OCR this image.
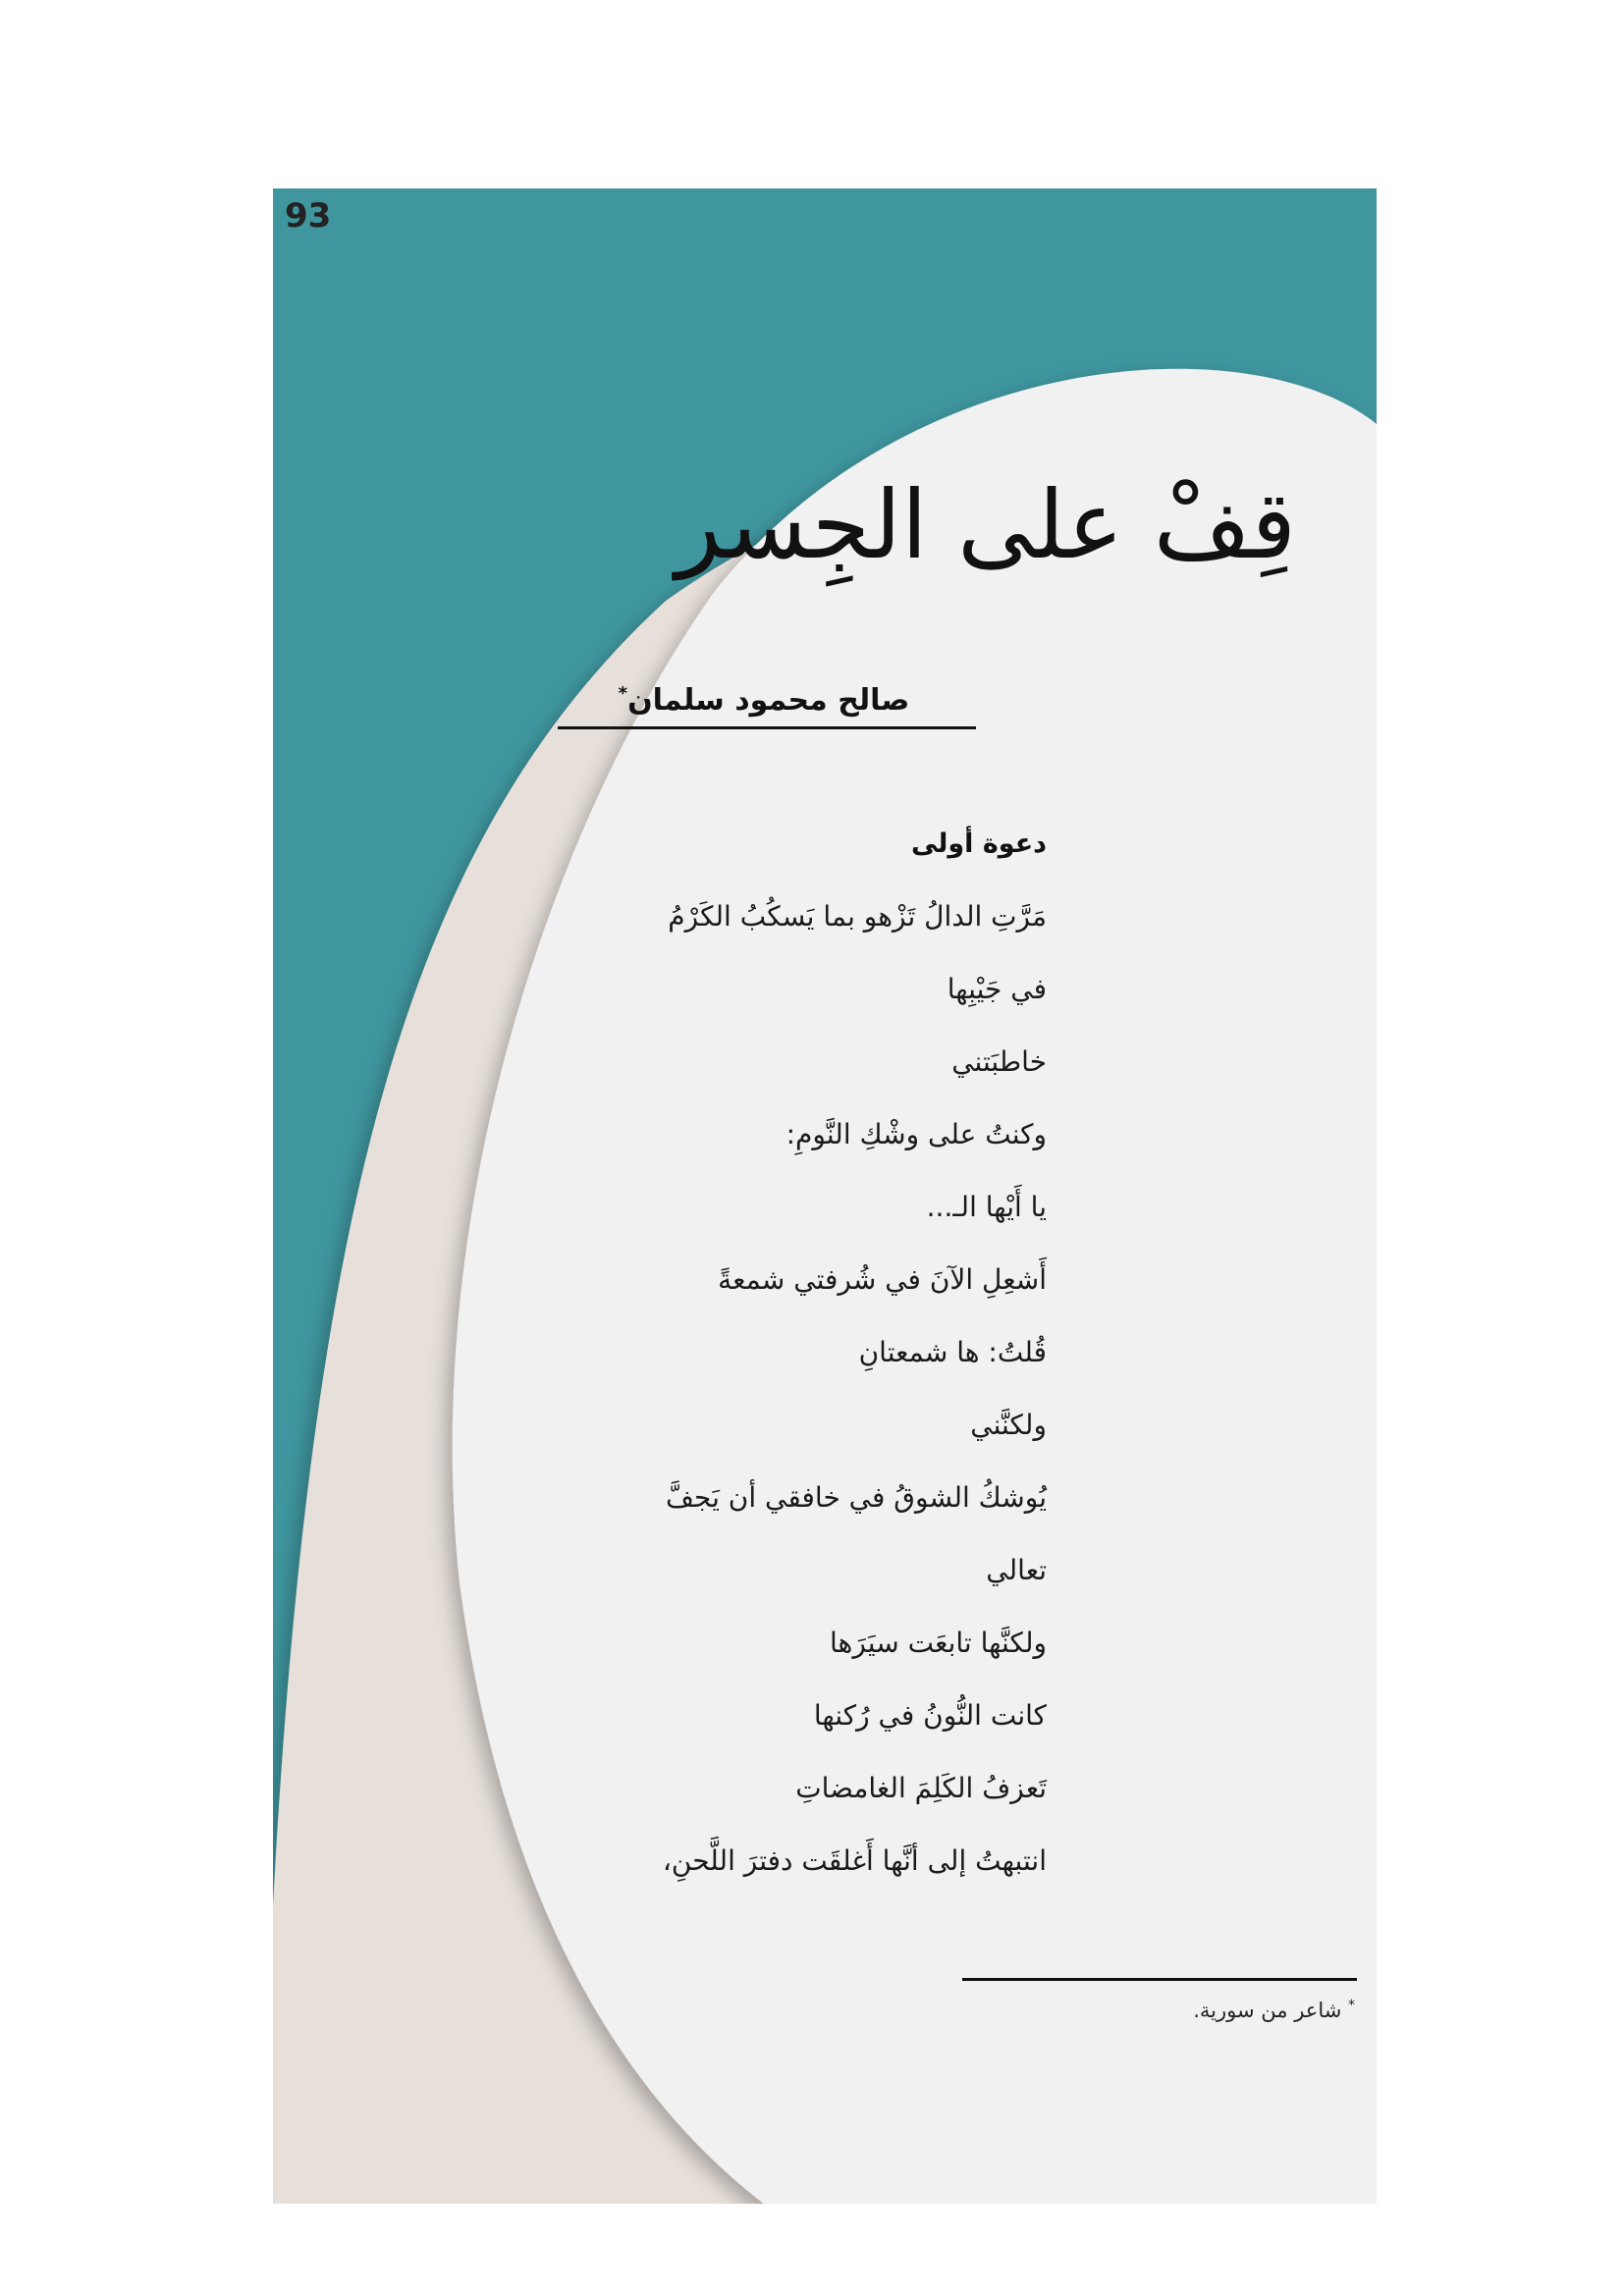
93
قِفْ على الجِسر
صالح محمود سلمان*
دعوة أولى
مَرَّتِ الدالُ تَزْهو بما يَسكُبُ الكَرْمُ
في جَيْبِها
خاطبَتني
وكنتُ على وشْكِ النَّومِ:
يا أَيْها الـ...
أَشعِلِ الآنَ في شُرفتي شمعةً
قُلتُ: ها شمعتانِ
ولكنَّني
يُوشكُ الشوقُ في خافقي أن يَجفَّ
تعالي
ولكنَّها تابعَت سيَرَها
كانت النُّونُ في رُكنها
تَعزفُ الكَلِمَ الغامضاتِ
انتبهتُ إلى أنَّها أَغلقَت دفترَ اللَّحنِ،
* شاعر من سورية.
